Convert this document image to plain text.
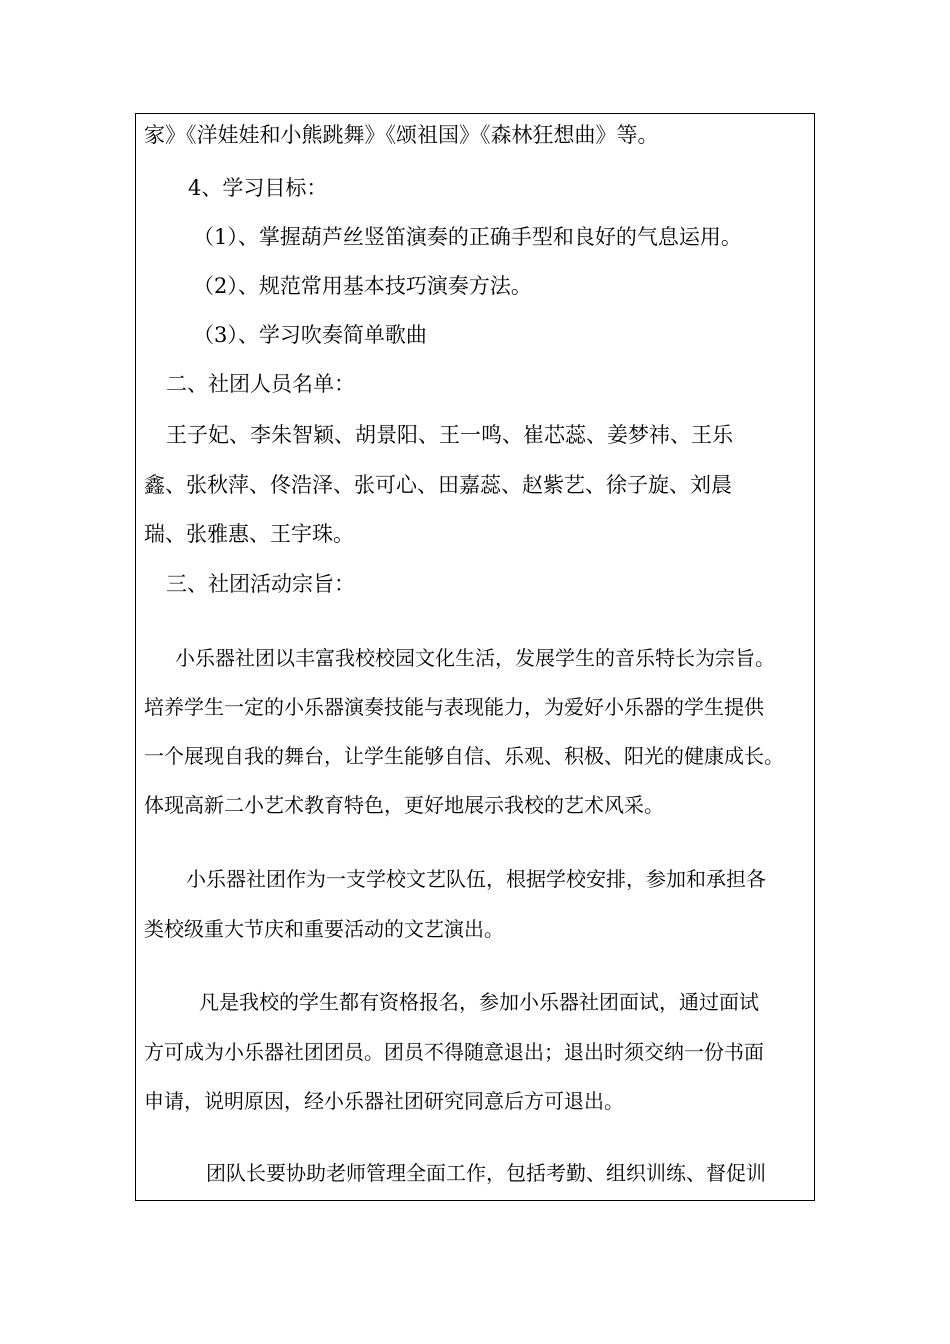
家》《洋娃娃和小熊跳舞》《颂祖国》《森林狂想曲》等。
4、学习目标：
（1）、掌握葫芦丝竖笛演奏的正确手型和良好的气息运用。
（2）、规范常用基本技巧演奏方法。
（3）、学习吹奏简单歌曲
二、社团人员名单：
王子妃、李朱智颖、胡景阳、王一鸣、崔芯蕊、姜梦祎、王乐
鑫、张秋萍、佟浩泽、张可心、田嘉蕊、赵紫艺、徐子旋、刘晨
瑞、张雅惠、王宇珠。
三、社团活动宗旨：
小乐器社团以丰富我校校园文化生活，发展学生的音乐特长为宗旨。
培养学生一定的小乐器演奏技能与表现能力，为爱好小乐器的学生提供
一个展现自我的舞台，让学生能够自信、乐观、积极、阳光的健康成长。
体现高新二小艺术教育特色，更好地展示我校的艺术风采。
小乐器社团作为一支学校文艺队伍，根据学校安排，参加和承担各
类校级重大节庆和重要活动的文艺演出。
凡是我校的学生都有资格报名，参加小乐器社团面试，通过面试
方可成为小乐器社团团员。团员不得随意退出；退出时须交纳一份书面
申请，说明原因，经小乐器社团研究同意后方可退出。
团队长要协助老师管理全面工作，包括考勤、组织训练、督促训
